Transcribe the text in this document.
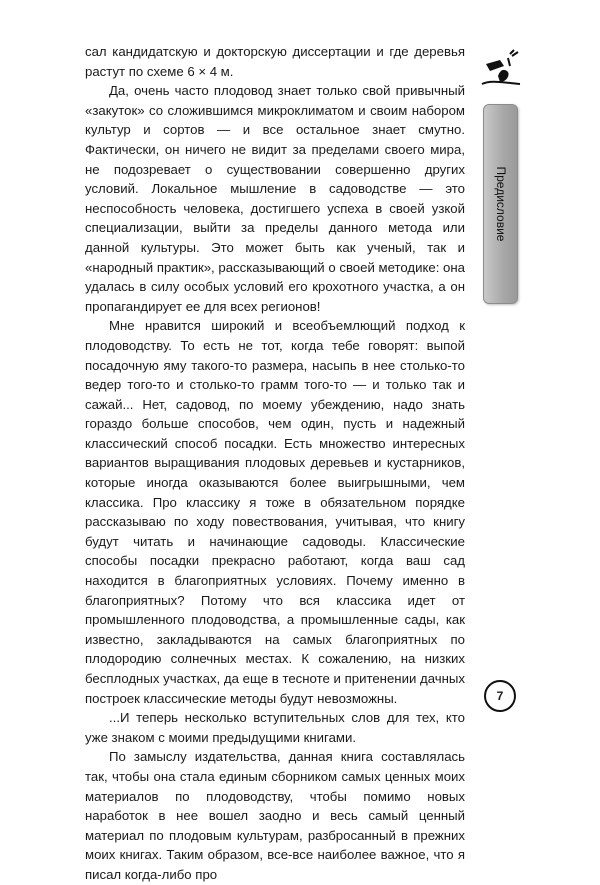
сал кандидатскую и докторскую диссертации и где деревья растут по схеме 6 × 4 м.

Да, очень часто плодовод знает только свой привычный «закуток» со сложившимся микроклиматом и своим набором культур и сортов — и все остальное знает смутно. Фактически, он ничего не видит за пределами своего мира, не подозревает о существовании совершенно других условий. Локальное мышление в садоводстве — это неспособность человека, достигшего успеха в своей узкой специализации, выйти за пределы данного метода или данной культуры. Это может быть как ученый, так и «народный практик», рассказывающий о своей методике: она удалась в силу особых условий его крохотного участка, а он пропагандирует ее для всех регионов!

Мне нравится широкий и всеобъемлющий подход к плодоводству. То есть не тот, когда тебе говорят: выпой посадочную яму такого-то размера, насыпь в нее столько-то ведер того-то и столько-то грамм того-то — и только так и сажай... Нет, садовод, по моему убеждению, надо знать гораздо больше способов, чем один, пусть и надежный классический способ посадки. Есть множество интересных вариантов выращивания плодовых деревьев и кустарников, которые иногда оказываются более выигрышными, чем классика. Про классику я тоже в обязательном порядке рассказываю по ходу повествования, учитывая, что книгу будут читать и начинающие садоводы. Классические способы посадки прекрасно работают, когда ваш сад находится в благоприятных условиях. Почему именно в благоприятных? Потому что вся классика идет от промышленного плодоводства, а промышленные сады, как известно, закладываются на самых благоприятных по плодородию солнечных местах. К сожалению, на низких бесплодных участках, да еще в тесноте и притенении дачных построек классические методы будут невозможны.

...И теперь несколько вступительных слов для тех, кто уже знаком с моими предыдущими книгами.

По замыслу издательства, данная книга составлялась так, чтобы она стала единым сборником самых ценных моих материалов по плодоводству, чтобы помимо новых наработок в нее вошел заодно и весь самый ценный материал по плодовым культурам, разбросанный в прежних моих книгах. Таким образом, все-все наиболее важное, что я писал когда-либо про

Предисловие
7
